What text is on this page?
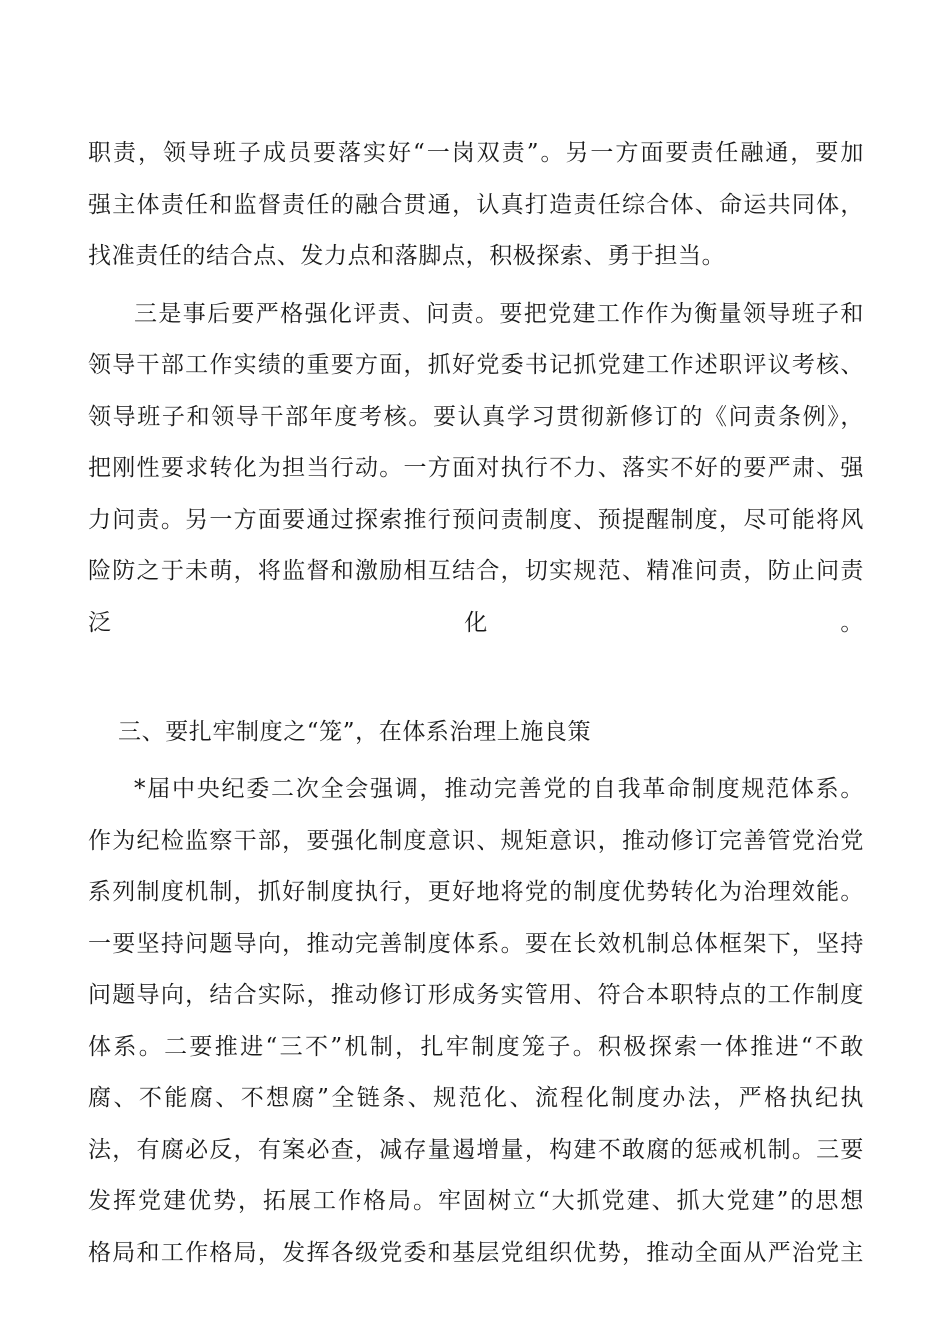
职责，领导班子成员要落实好“一岗双责”。另一方面要责任融通，要加
强主体责任和监督责任的融合贯通，认真打造责任综合体、命运共同体，
找准责任的结合点、发力点和落脚点，积极探索、勇于担当。
三是事后要严格强化评责、问责。要把党建工作作为衡量领导班子和
领导干部工作实绩的重要方面，抓好党委书记抓党建工作述职评议考核、
领导班子和领导干部年度考核。要认真学习贯彻新修订的《问责条例》，
把刚性要求转化为担当行动。一方面对执行不力、落实不好的要严肃、强
力问责。另一方面要通过探索推行预问责制度、预提醒制度，尽可能将风
险防之于未萌，将监督和激励相互结合，切实规范、精准问责，防止问责
泛化。
三、要扎牢制度之“笼”，在体系治理上施良策
*届中央纪委二次全会强调，推动完善党的自我革命制度规范体系。
作为纪检监察干部，要强化制度意识、规矩意识，推动修订完善管党治党
系列制度机制，抓好制度执行，更好地将党的制度优势转化为治理效能。
一要坚持问题导向，推动完善制度体系。要在长效机制总体框架下，坚持
问题导向，结合实际，推动修订形成务实管用、符合本职特点的工作制度
体系。二要推进“三不”机制，扎牢制度笼子。积极探索一体推进“不敢
腐、不能腐、不想腐”全链条、规范化、流程化制度办法，严格执纪执
法，有腐必反，有案必查，减存量遏增量，构建不敢腐的惩戒机制。三要
发挥党建优势，拓展工作格局。牢固树立“大抓党建、抓大党建”的思想
格局和工作格局，发挥各级党委和基层党组织优势，推动全面从严治党主
